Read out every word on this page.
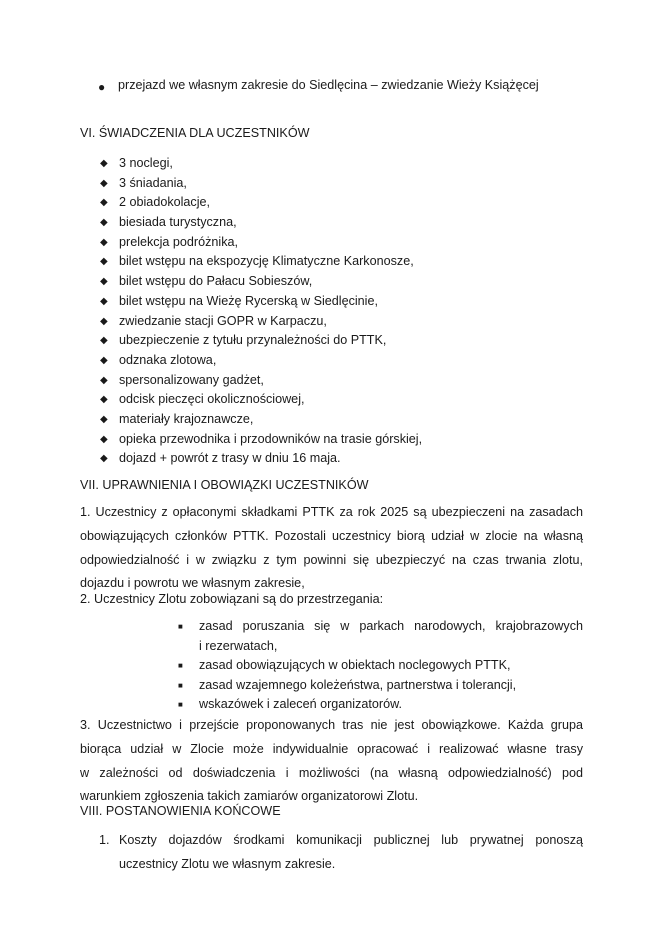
● przejazd we własnym zakresie do Siedlęcina – zwiedzanie Wieży Książęcej
VI. ŚWIADCZENIA DLA UCZESTNIKÓW
◆ 3 noclegi,
◆ 3 śniadania,
◆ 2 obiadokolacje,
◆ biesiada turystyczna,
◆ prelekcja podróżnika,
◆ bilet wstępu na ekspozycję Klimatyczne Karkonosze,
◆ bilet wstępu do Pałacu Sobieszów,
◆ bilet wstępu na Wieżę Rycerską w Siedlęcinie,
◆ zwiedzanie stacji GOPR w Karpaczu,
◆ ubezpieczenie z tytułu przynależności do PTTK,
◆ odznaka zlotowa,
◆ spersonalizowany gadżet,
◆ odcisk pieczęci okolicznościowej,
◆ materiały krajoznawcze,
◆ opieka przewodnika i przodowników na trasie górskiej,
◆ dojazd + powrót z trasy w dniu 16 maja.
VII. UPRAWNIENIA I OBOWIĄZKI UCZESTNIKÓW
1. Uczestnicy z opłaconymi składkami PTTK za rok 2025 są ubezpieczeni na zasadach
obowiązujących członków PTTK. Pozostali uczestnicy biorą udział w zlocie na własną
odpowiedzialność i w związku z tym powinni się ubezpieczyć na czas trwania zlotu,
dojazdu i powrotu we własnym zakresie,
2. Uczestnicy Zlotu zobowiązani są do przestrzegania:
■ zasad poruszania się w parkach narodowych, krajobrazowych
i rezerwatach,
■ zasad obowiązujących w obiektach noclegowych PTTK,
■ zasad wzajemnego koleżeństwa, partnerstwa i tolerancji,
■ wskazówek i zaleceń organizatorów.
3. Uczestnictwo i przejście proponowanych tras nie jest obowiązkowe. Każda grupa
biorąca udział w Zlocie może indywidualnie opracować i realizować własne trasy
w zależności od doświadczenia i możliwości (na własną odpowiedzialność) pod
warunkiem zgłoszenia takich zamiarów organizatorowi Zlotu.
VIII. POSTANOWIENIA KOŃCOWE
1. Koszty dojazdów środkami komunikacji publicznej lub prywatnej ponoszą
uczestnicy Zlotu we własnym zakresie.
